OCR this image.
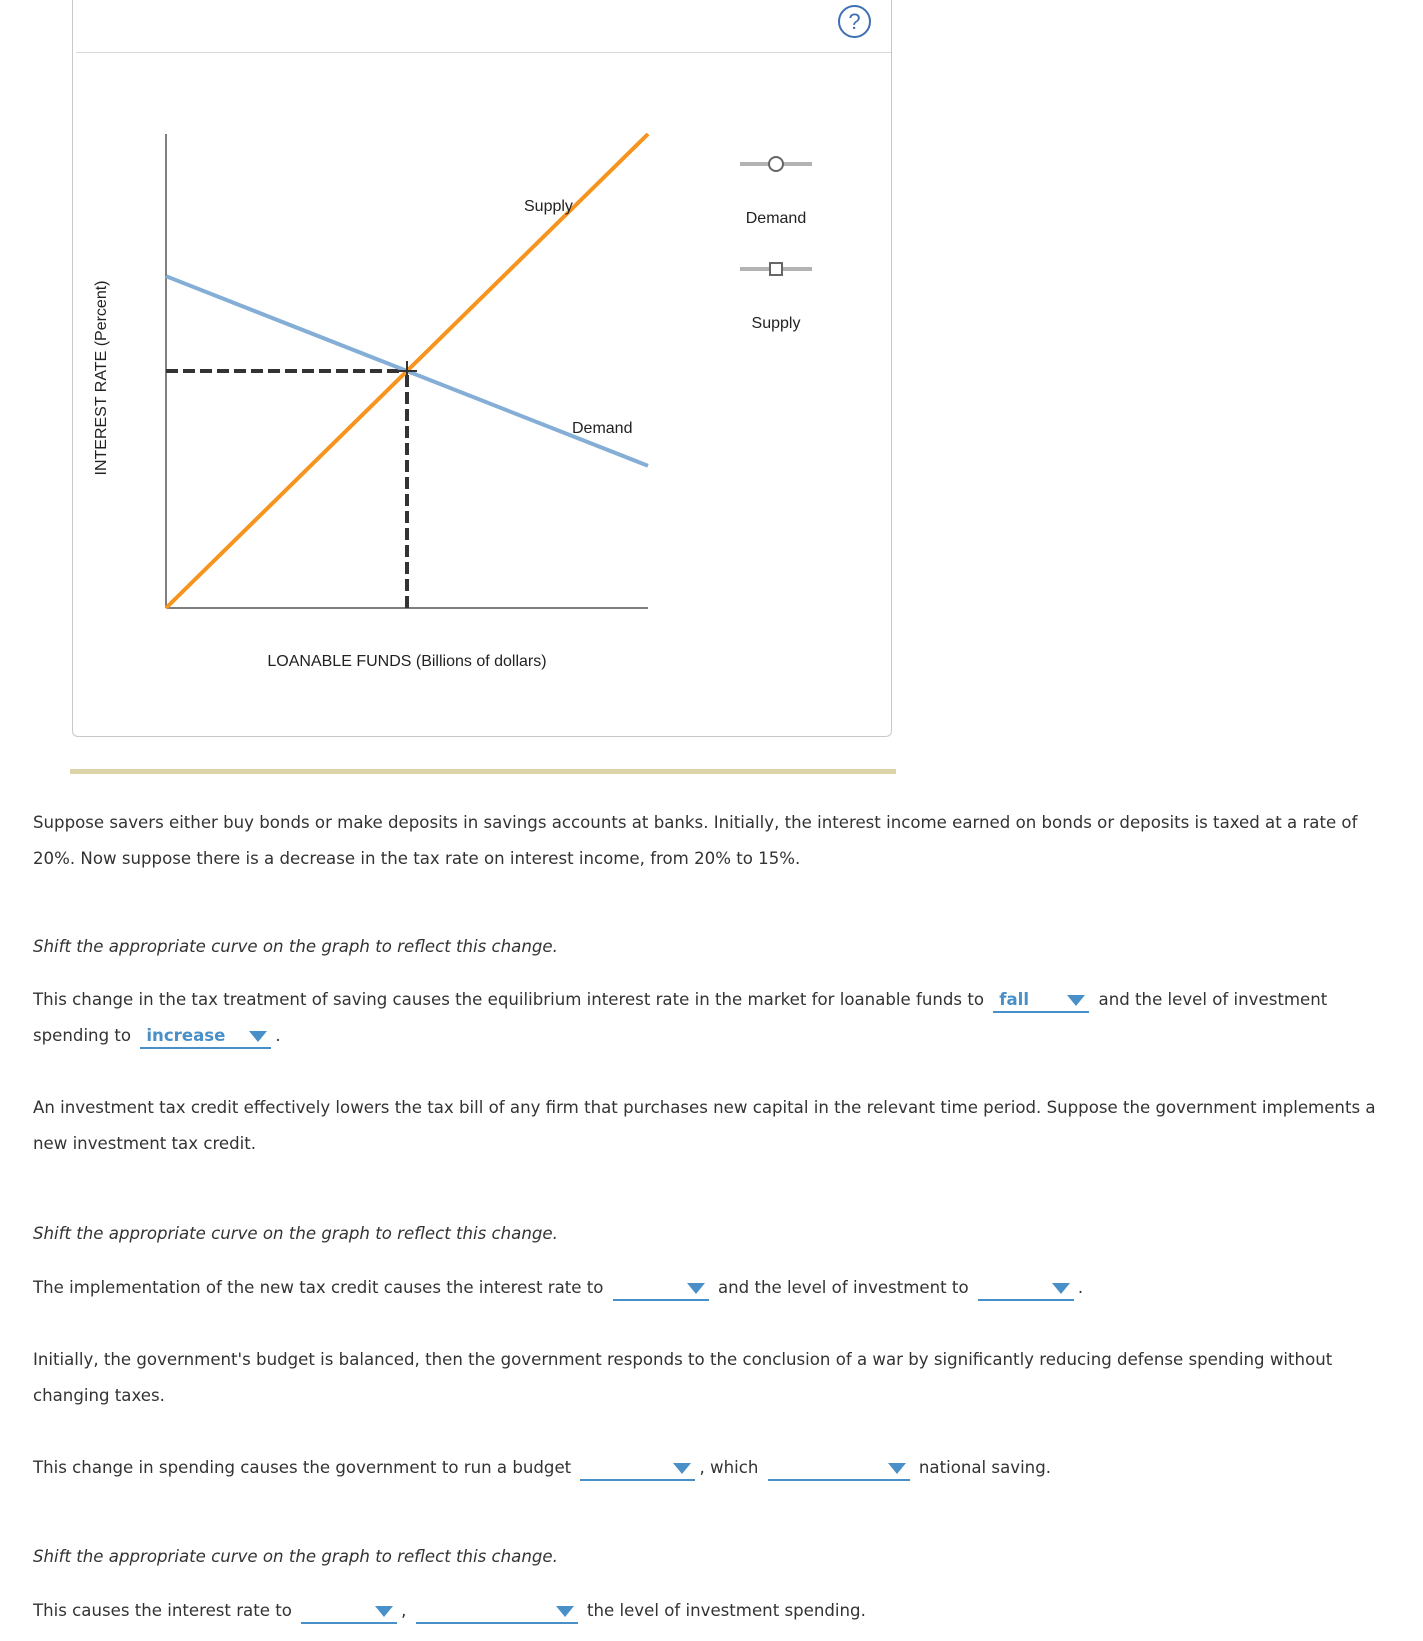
?
INTEREST RATE (Percent)
LOANABLE FUNDS (Billions of dollars)
Supply
Demand
Demand
Supply

Suppose savers either buy bonds or make deposits in savings accounts at banks. Initially, the interest income earned on bonds or deposits is taxed at a rate of 20%. Now suppose there is a decrease in the tax rate on interest income, from 20% to 15%.

Shift the appropriate curve on the graph to reflect this change.

This change in the tax treatment of saving causes the equilibrium interest rate in the market for loanable funds to fall	and the level of investment spending to increase	.

An investment tax credit effectively lowers the tax bill of any firm that purchases new capital in the relevant time period. Suppose the government implements a new investment tax credit.

Shift the appropriate curve on the graph to reflect this change.

The implementation of the new tax credit causes the interest rate to	and the level of investment to	.

Initially, the government's budget is balanced, then the government responds to the conclusion of a war by significantly reducing defense spending without changing taxes.

This change in spending causes the government to run a budget	, which	national saving.

Shift the appropriate curve on the graph to reflect this change.

This causes the interest rate to	,	the level of investment spending.
